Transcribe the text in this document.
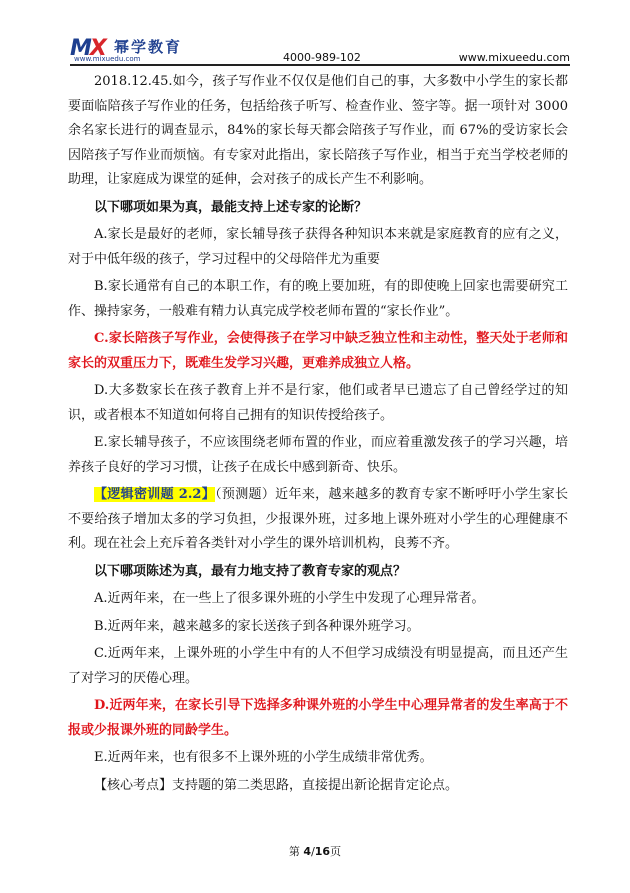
MX 幂学教育
www.mixuedu.com	4000-989-102	www.mixueedu.com

2018.12.45.如今，孩子写作业不仅仅是他们自己的事，大多数中小学生的家长都要面临陪孩子写作业的任务，包括给孩子听写、检查作业、签字等。据一项针对 3000 余名家长进行的调查显示，84%的家长每天都会陪孩子写作业，而 67%的受访家长会因陪孩子写作业而烦恼。有专家对此指出，家长陪孩子写作业，相当于充当学校老师的助理，让家庭成为课堂的延伸，会对孩子的成长产生不利影响。

以下哪项如果为真，最能支持上述专家的论断？

A.家长是最好的老师，家长辅导孩子获得各种知识本来就是家庭教育的应有之义，对于中低年级的孩子，学习过程中的父母陪伴尤为重要

B.家长通常有自己的本职工作，有的晚上要加班，有的即使晚上回家也需要研究工作、操持家务，一般难有精力认真完成学校老师布置的“家长作业”。

C.家长陪孩子写作业，会使得孩子在学习中缺乏独立性和主动性，整天处于老师和家长的双重压力下，既难生发学习兴趣，更难养成独立人格。

D.大多数家长在孩子教育上并不是行家，他们或者早已遗忘了自己曾经学过的知识，或者根本不知道如何将自己拥有的知识传授给孩子。

E.家长辅导孩子，不应该围绕老师布置的作业，而应着重激发孩子的学习兴趣，培养孩子良好的学习习惯，让孩子在成长中感到新奇、快乐。

【逻辑密训题 2.2】（预测题）近年来，越来越多的教育专家不断呼吁小学生家长不要给孩子增加太多的学习负担，少报课外班，过多地上课外班对小学生的心理健康不利。现在社会上充斥着各类针对小学生的课外培训机构，良莠不齐。

以下哪项陈述为真，最有力地支持了教育专家的观点？

A.近两年来，在一些上了很多课外班的小学生中发现了心理异常者。

B.近两年来，越来越多的家长送孩子到各种课外班学习。

C.近两年来，上课外班的小学生中有的人不但学习成绩没有明显提高，而且还产生了对学习的厌倦心理。

D.近两年来，在家长引导下选择多种课外班的小学生中心理异常者的发生率高于不报或少报课外班的同龄学生。

E.近两年来，也有很多不上课外班的小学生成绩非常优秀。

【核心考点】支持题的第二类思路，直接提出新论据肯定论点。

第 4/16页
